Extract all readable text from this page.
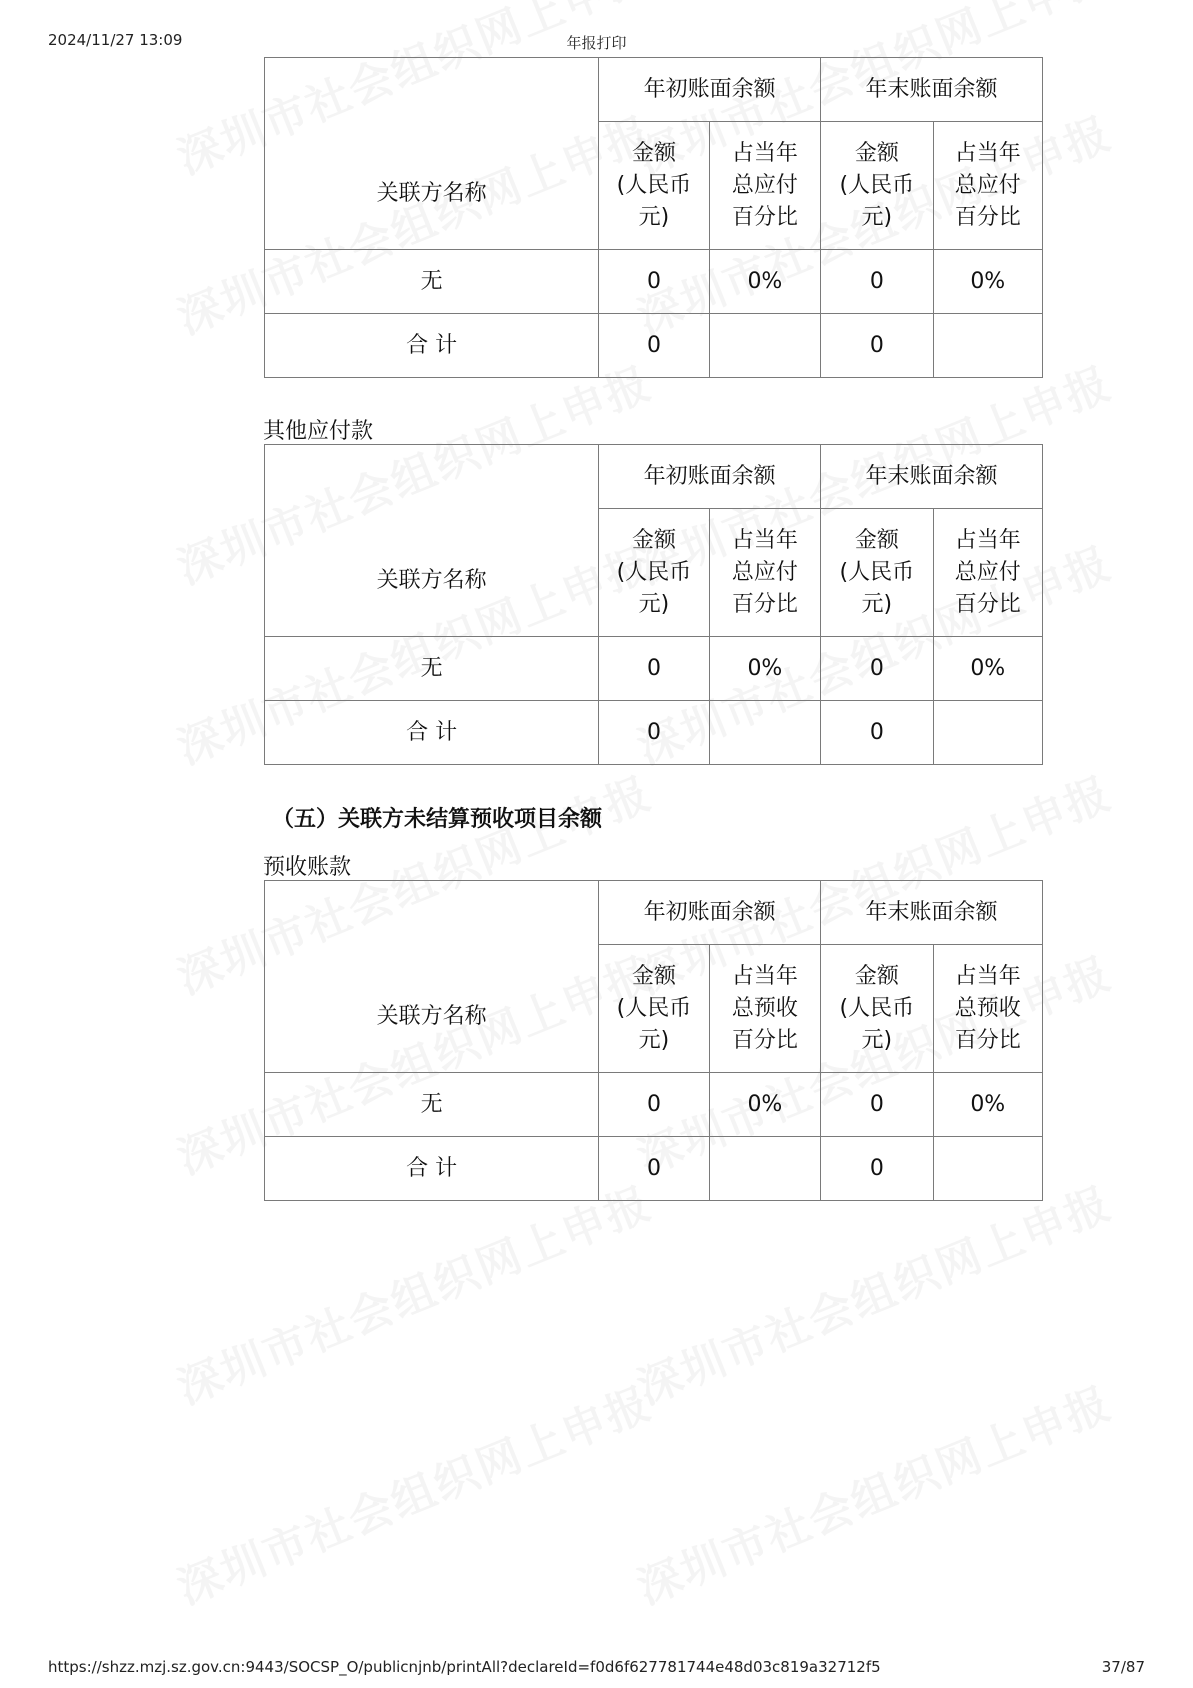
2024/11/27 13:09	年报打印
https://shzz.mzj.sz.gov.cn:9443/SOCSP_O/publicnjnb/printAll?declareId=f0d6f627781744e48d03c819a32712f5	37/87
关联方名称	年初账面余额		年末账面余额	
	金额
(人民币
元)	占当年
总应付
百分比	金额
(人民币
元)	占当年
总应付
百分比
无	0	0%	0	0%
合 计	0		0	
其他应付款
关联方名称	年初账面余额		年末账面余额	
	金额
(人民币
元)	占当年
总应付
百分比	金额
(人民币
元)	占当年
总应付
百分比
无	0	0%	0	0%
合 计	0		0	
（五）关联方未结算预收项目余额
预收账款
关联方名称	年初账面余额		年末账面余额	
	金额
(人民币
元)	占当年
总预收
百分比	金额
(人民币
元)	占当年
总预收
百分比
无	0	0%	0	0%
合 计	0		0	
